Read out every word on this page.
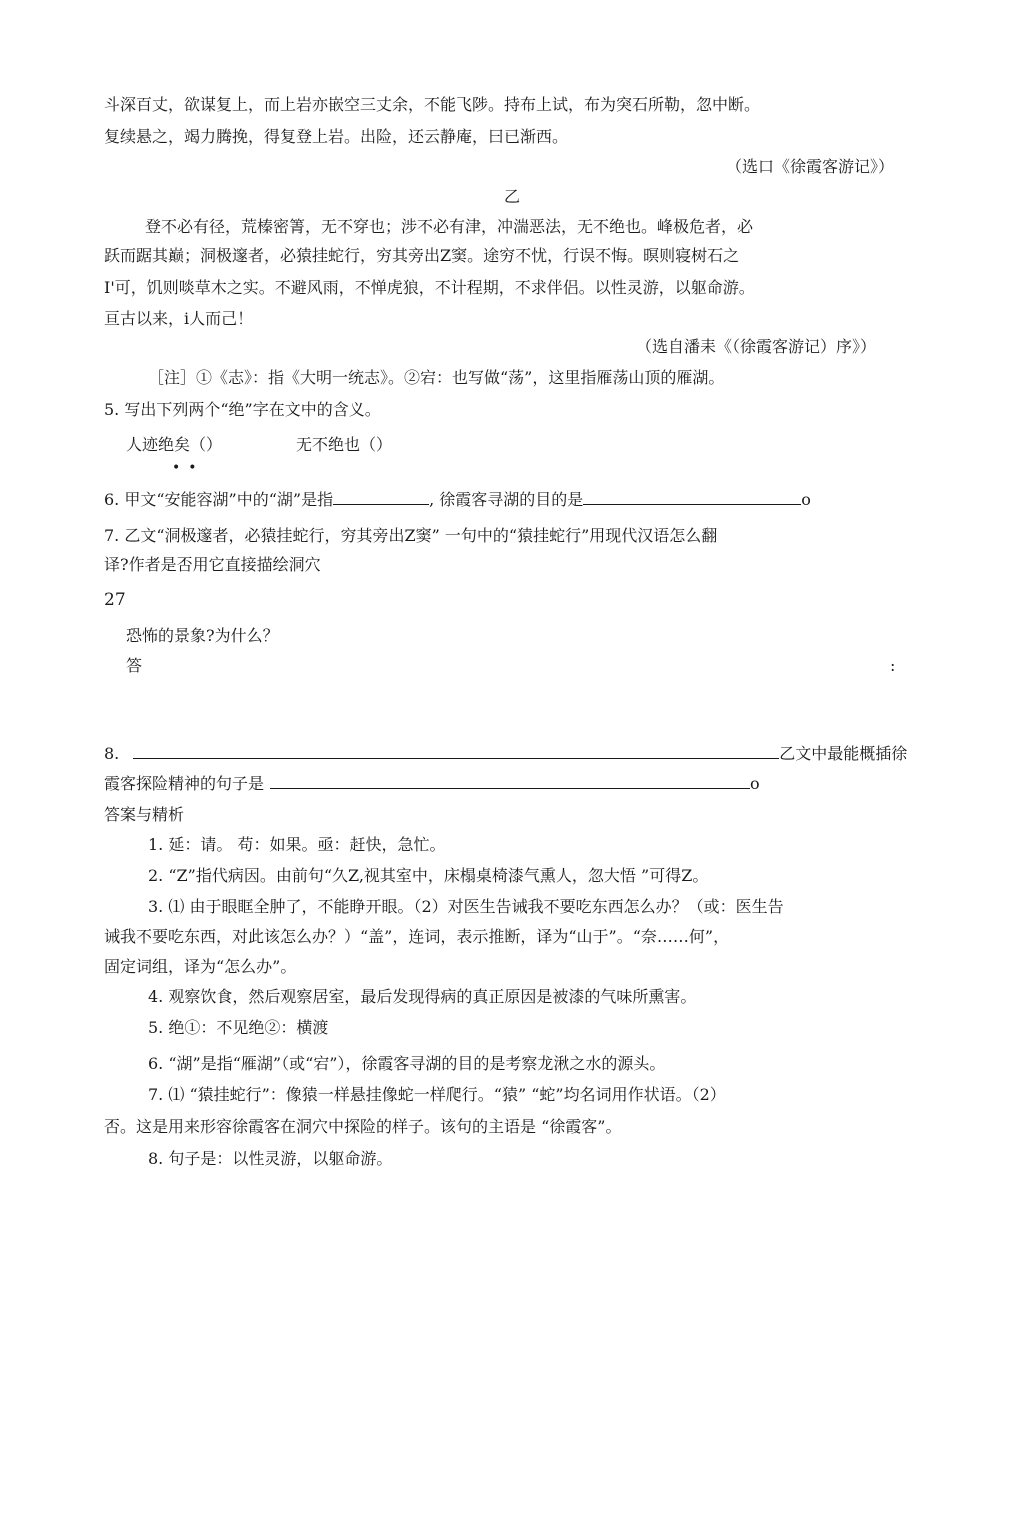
斗深百丈，欲谋复上，而上岩亦嵌空三丈余，不能飞陟。持布上试，布为突石所勒，忽中断。
复续悬之，竭力腾挽，得复登上岩。出险，还云静庵，曰已渐西。
（选口《徐霞客游记》）
乙
登不必有径，荒榛密箐，无不穿也；涉不必有津，冲湍恶法，无不绝也。峰极危者，必
跃而踞其巅；洞极邃者，必猿挂蛇行，穷其旁出Z窦。途穷不忧，行误不悔。暝则寝树石之
I'可，饥则啖草木之实。不避风雨，不惮虎狼，不计程期，不求伴侣。以性灵游，以躯命游。
亘古以来，i人而己！
（选自潘耒《（徐霞客游记）序》）
［注］①《志》：指《大明一统志》。②宕：也写做“荡”，这里指雁荡山顶的雁湖。
5. 写出下列两个“绝”字在文中的含义。
人迹绝矣（）	无不绝也（）
••
6. 甲文“安能容湖”中的“湖”是指	, 徐霞客寻湖的目的是	o
7. 乙文“洞极邃者，必猿挂蛇行，穷其旁出Z窦” 一句中的“猿挂蛇行”用现代汉语怎么翻
译?作者是否用它直接描绘洞穴
27
恐怖的景象?为什么？
答	:
8.	乙文中最能概插徐
霞客探险精神的句子是	o
答案与精析
1. 延：请。 苟：如果。亟：赶快，急忙。
2. “Z”指代病因。由前句“久Z,视其室中，床榻桌椅漆气熏人，忽大悟 ”可得Z。
3. ⑴ 由于眼眶全肿了，不能睁开眼。（2）对医生告诫我不要吃东西怎么办？（或：医生告
诫我不要吃东西，对此该怎么办？）“盖”，连词，表示推断，译为“山于”。“奈……何”，
固定词组，译为“怎么办”。
4. 观察饮食，然后观察居室，最后发现得病的真正原因是被漆的气味所熏害。
5. 绝①：不见绝②：横渡
6. “湖”是指“雁湖”（或“宕”），徐霞客寻湖的目的是考察龙湫之水的源头。
7. ⑴ “猿挂蛇行”：像猿一样悬挂像蛇一样爬行。“猿” “蛇”均名词用作状语。（2）
否。这是用来形容徐霞客在洞穴中探险的样子。该句的主语是 “徐霞客”。
8. 句子是：以性灵游，以躯命游。
